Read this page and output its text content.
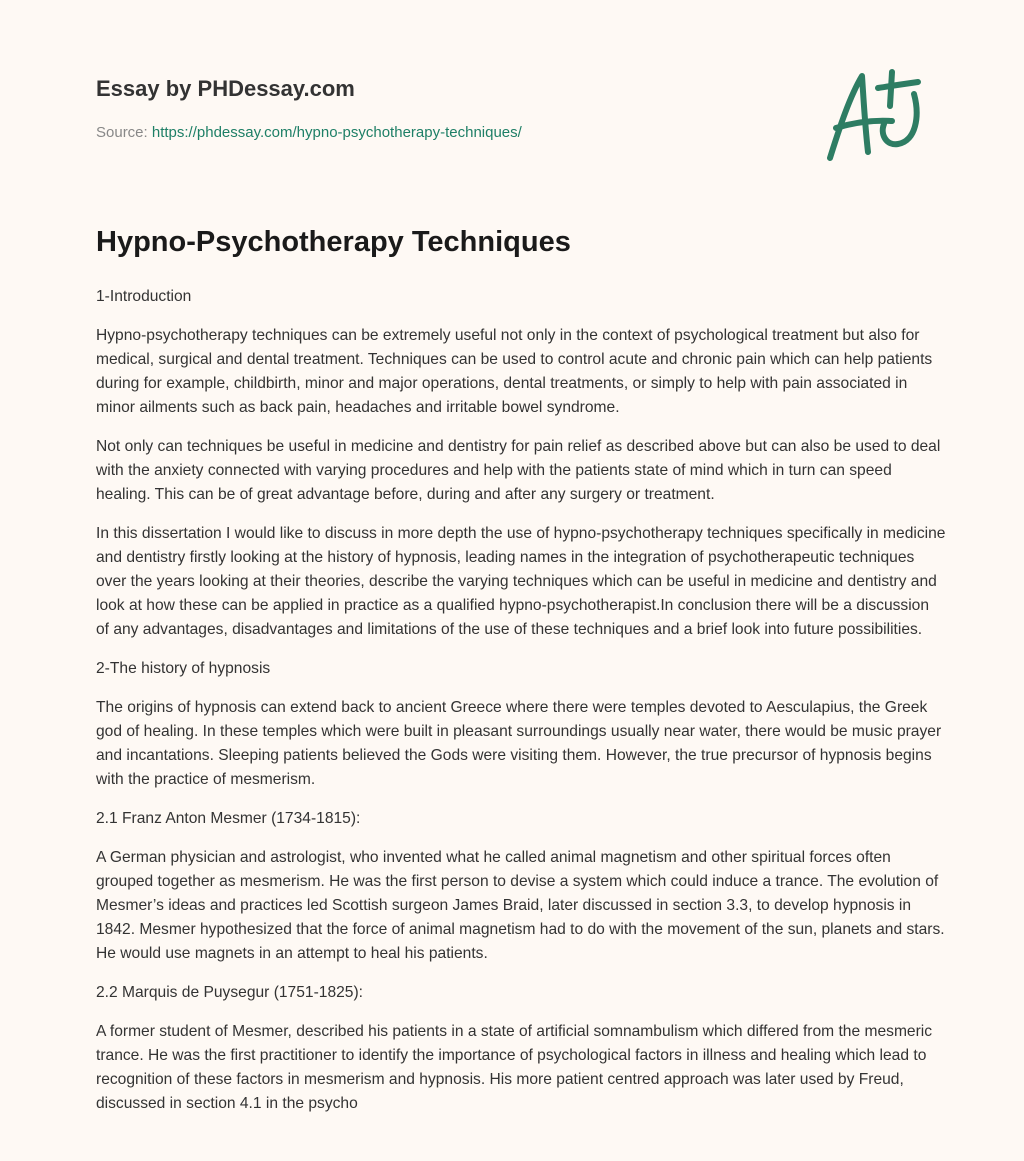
Essay by PHDessay.com
Source: https://phdessay.com/hypno-psychotherapy-techniques/
Hypno-Psychotherapy Techniques

1-Introduction

Hypno-psychotherapy techniques can be extremely useful not only in the context of psychological treatment but also for medical, surgical and dental treatment. Techniques can be used to control acute and chronic pain which can help patients during for example, childbirth, minor and major operations, dental treatments, or simply to help with pain associated in minor ailments such as back pain, headaches and irritable bowel syndrome.

Not only can techniques be useful in medicine and dentistry for pain relief as described above but can also be used to deal with the anxiety connected with varying procedures and help with the patients state of mind which in turn can speed healing. This can be of great advantage before, during and after any surgery or treatment.

In this dissertation I would like to discuss in more depth the use of hypno-psychotherapy techniques specifically in medicine and dentistry firstly looking at the history of hypnosis, leading names in the integration of psychotherapeutic techniques over the years looking at their theories, describe the varying techniques which can be useful in medicine and dentistry and look at how these can be applied in practice as a qualified hypno-psychotherapist.In conclusion there will be a discussion of any advantages, disadvantages and limitations of the use of these techniques and a brief look into future possibilities.

2-The history of hypnosis

The origins of hypnosis can extend back to ancient Greece where there were temples devoted to Aesculapius, the Greek god of healing. In these temples which were built in pleasant surroundings usually near water, there would be music prayer and incantations. Sleeping patients believed the Gods were visiting them. However, the true precursor of hypnosis begins with the practice of mesmerism.

2.1 Franz Anton Mesmer (1734-1815):

A German physician and astrologist, who invented what he called animal magnetism and other spiritual forces often grouped together as mesmerism. He was the first person to devise a system which could induce a trance. The evolution of Mesmer’s ideas and practices led Scottish surgeon James Braid, later discussed in section 3.3, to develop hypnosis in 1842. Mesmer hypothesized that the force of animal magnetism had to do with the movement of the sun, planets and stars. He would use magnets in an attempt to heal his patients.

2.2 Marquis de Puysegur (1751-1825):

A former student of Mesmer, described his patients in a state of artificial somnambulism which differed from the mesmeric trance. He was the first practitioner to identify the importance of psychological factors in illness and healing which lead to recognition of these factors in mesmerism and hypnosis. His more patient centred approach was later used by Freud, discussed in section 4.1 in the psycho
